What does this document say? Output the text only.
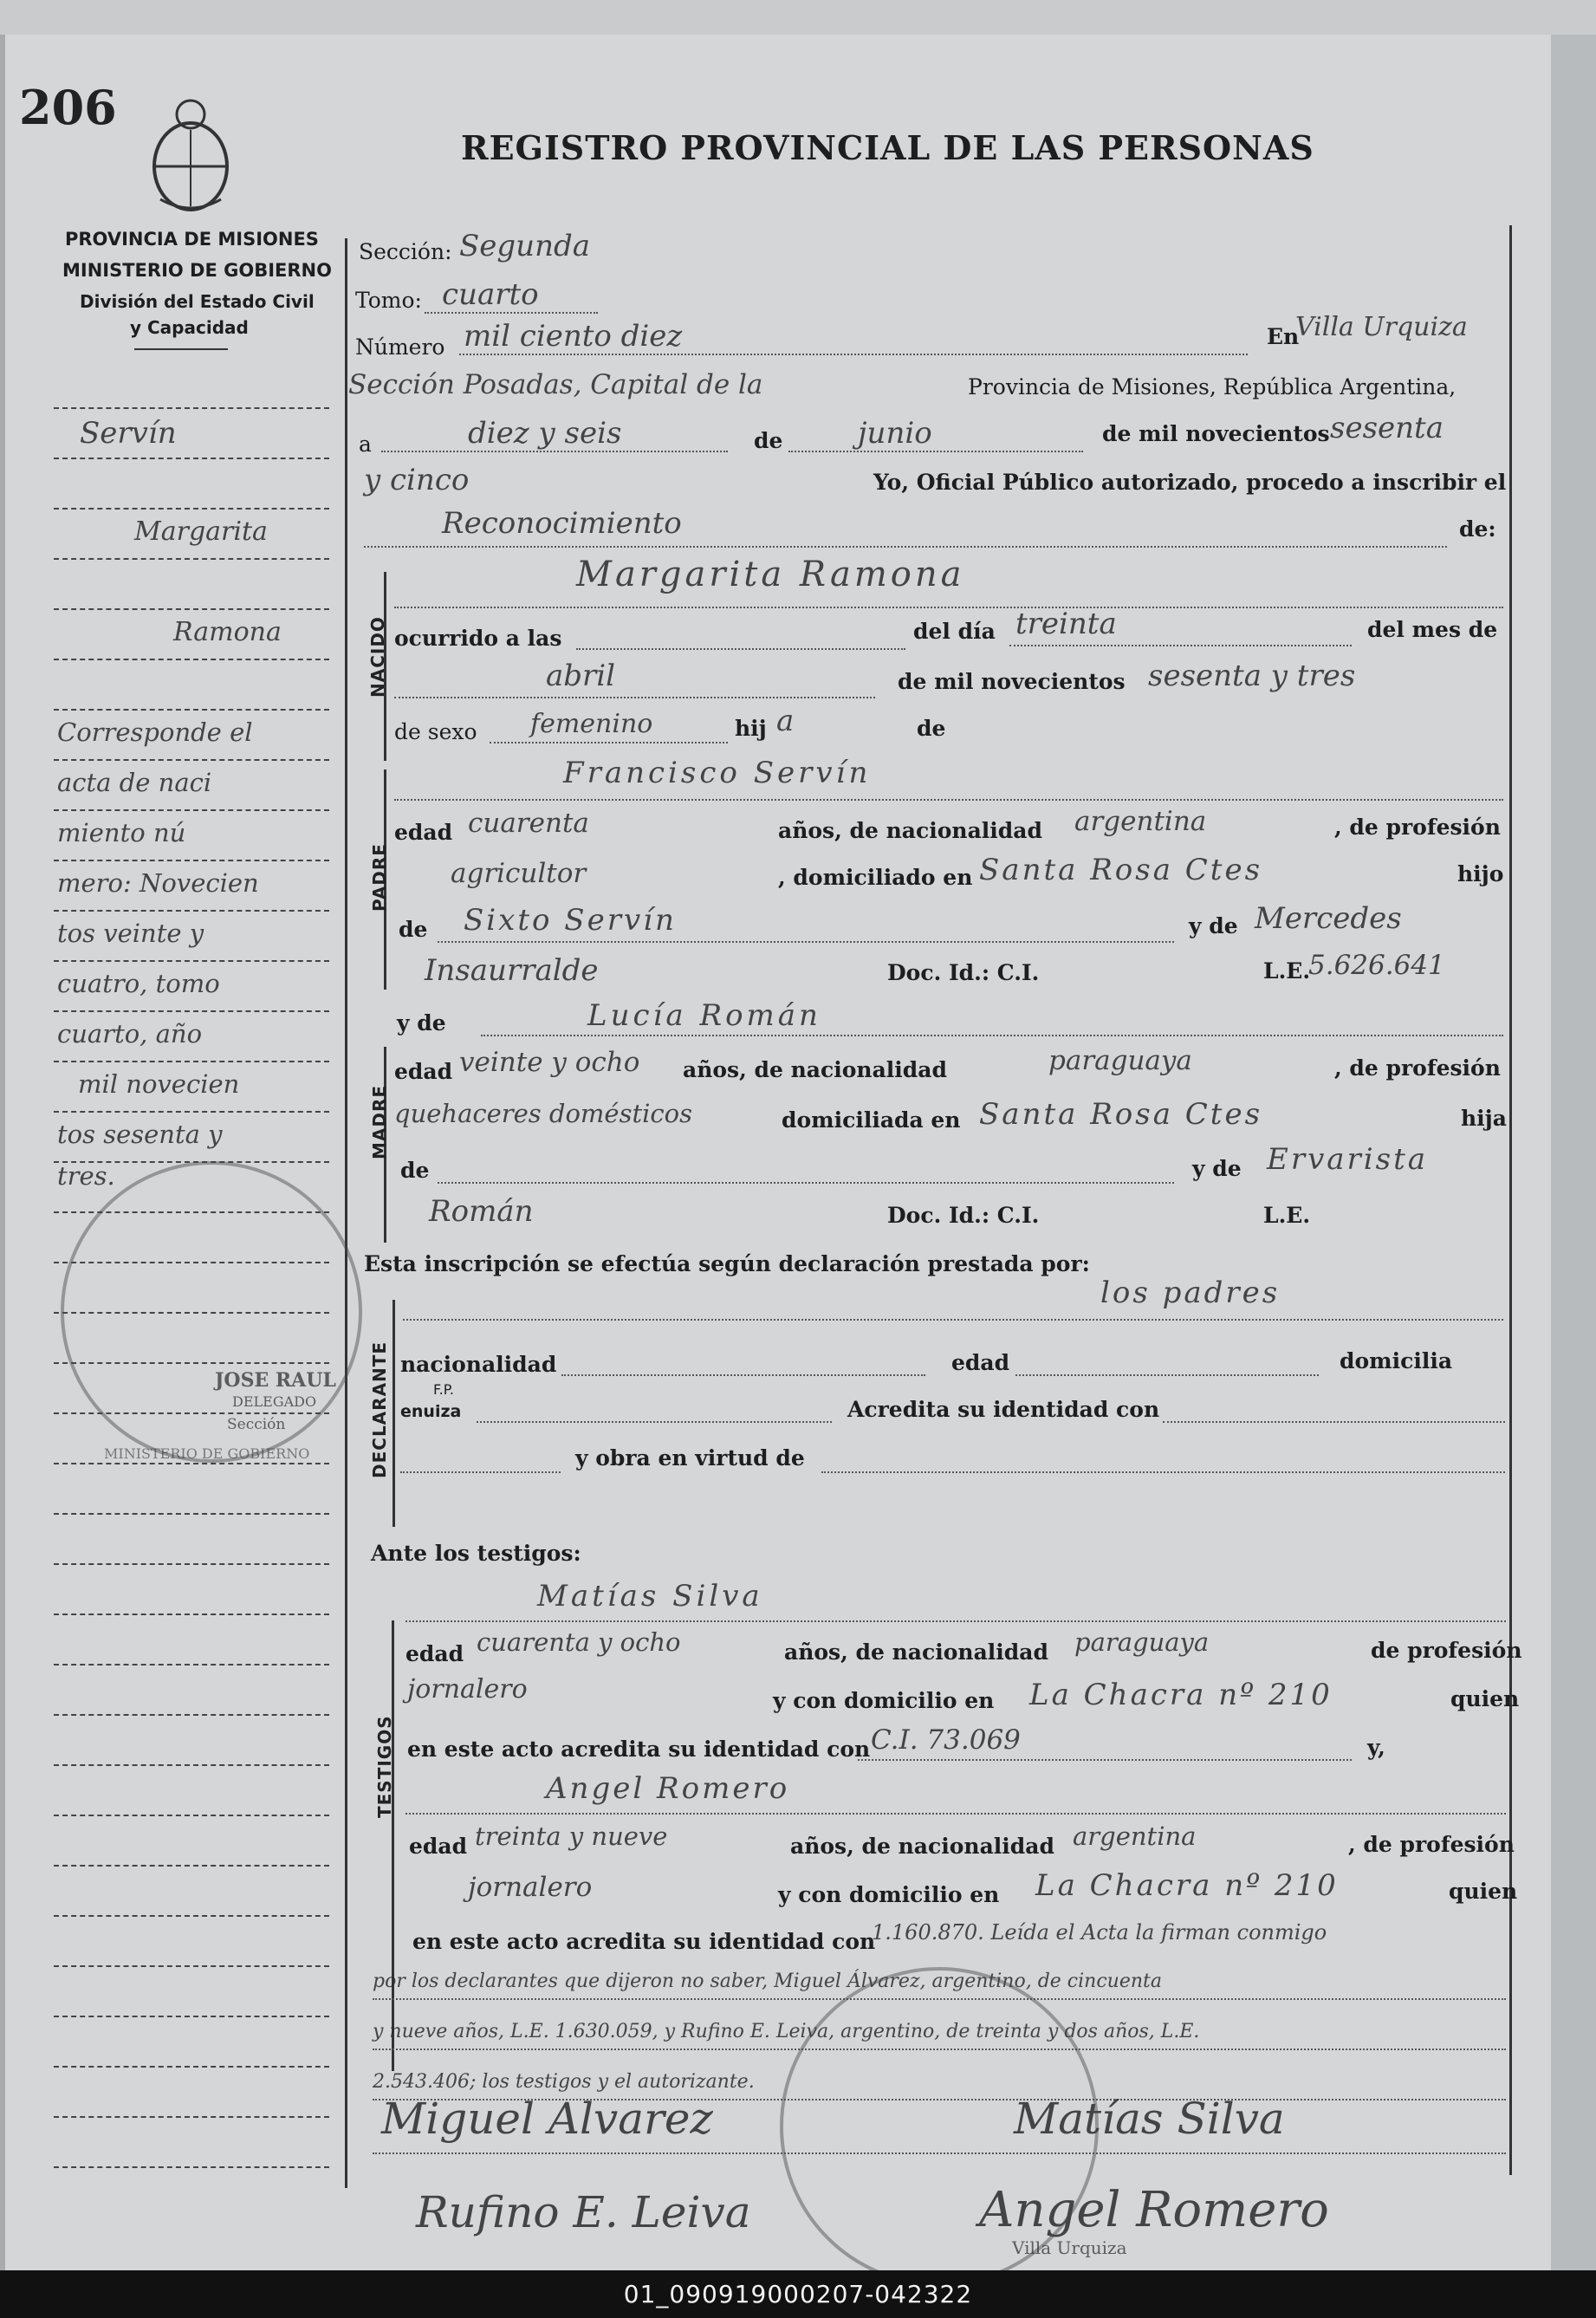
206
REGISTRO PROVINCIAL DE LAS PERSONAS
PROVINCIA DE MISIONES
MINISTERIO DE GOBIERNO
División del Estado Civil
y Capacidad
Servín
Margarita
Ramona
Corresponde el
acta de naci
miento nú
mero: Novecien
tos veinte y
cuatro, tomo
cuarto, año
mil novecien
tos sesenta y
tres.
Sección: Segunda
Tomo: cuarto
Número mil ciento diez	En
Villa Urquiza
Sección Posadas, Capital de la	Provincia de Misiones, República Argentina,
a	diez y seis	de	junio	de mil novecientos sesenta
y cinco	Yo, Oficial Público autorizado, procedo a inscribir el
Reconocimiento	de:
NACIDO
Margarita Ramona
ocurrido a las	del día treinta	del mes de
abril	de mil novecientos sesenta y tres
de sexo femenino	hij a	de
PADRE
Francisco Servín
edad cuarenta	años, de nacionalidad argentina	, de profesión
agricultor	, domiciliado en Santa Rosa Ctes	hijo
de Sixto Servín	y de Mercedes
Insaurralde	Doc. Id.: C.I.	L.E.
5.626.641
y de	Lucía Román
MADRE
edad veinte y ocho años, de nacionalidad	paraguaya	, de profesión
quehaceres domésticos	domiciliada en Santa Rosa Ctes	hija
de	y de Ervarista
Román	Doc. Id.: C.I.	L.E.
Esta inscripción se efectúa según declaración prestada por:
los padres
DECLARANTE nacionalidad	edad	domicilia
F.P.
enuiza	Acredita su identidad con
y obra en virtud de
Ante los testigos:
Matías Silva
TESTIGOS
edad cuarenta y ocho	años, de nacionalidad paraguaya	de profesión
jornalero	y con domicilio en La Chacra nº 210	quien
en este acto acredita su identidad con C.I. 73.069	y,
Angel Romero
edad treinta y nueve	años, de nacionalidad argentina	, de profesión
jornalero	y con domicilio en La Chacra nº 210	quien
en este acto acredita su identidad con
1.160.870. Leída el Acta la firman conmigo
por los declarantes que dijeron no saber, Miguel Álvarez, argentino, de cincuenta
y nueve años, L.E. 1.630.059, y Rufino E. Leiva, argentino, de treinta y dos años, L.E.
2.543.406; los testigos y el autorizante.
Miguel Alvarez	Matías Silva
Rufino E. Leiva	Angel Romero
JOSE RAUL
DELEGADO
Sección
MINISTERIO DE GOBIERNO
Villa Urquiza
01_090919000207-042322
